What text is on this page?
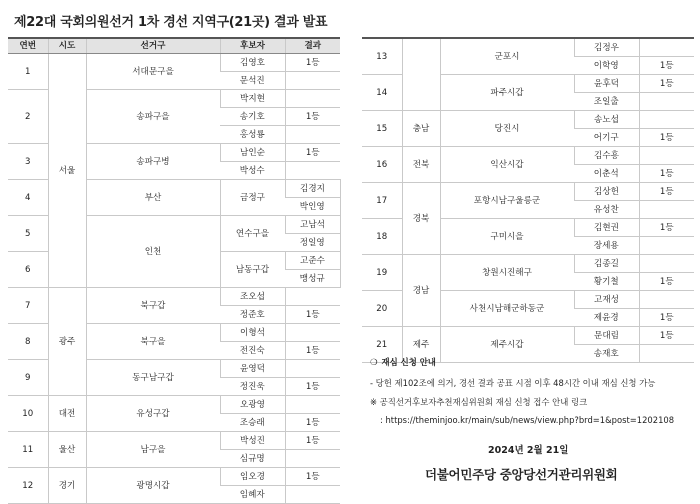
제22대 국회의원선거 1차 경선 지역구(21곳) 결과 발표
연번	시도	선거구	후보자	결과	
1	서울	서대문구을	김영호	1등	
			문석진		
2		송파구을	박지현		
			송기호	1등	
			홍성룡		
3		송파구병	남인순	1등	
			박성수		
4		부산	금정구	김경지	
				박인영	
5		인천	연수구을	고남석	
				정일영	
6			남동구갑	고준수	
				맹성규	
7	광주	북구갑	조오섭		
			정준호	1등	
8		북구을	이형석		
			전진숙	1등	
9		동구남구갑	윤영덕		
			정진욱	1등	
10	대전	유성구갑	오광영		
			조승래	1등	
11	울산	남구을	박성진	1등	
			심규명		
12	경기	광명시갑	임오경	1등	
			임혜자		
13		군포시	김정우	
			이학영	1등
14		파주시갑	윤후덕	1등
			조일출	
15	충남	당진시	송노섭	
			어기구	1등
16	전북	익산시갑	김수흥	
			이춘석	1등
17	경북	포항시남구울릉군	김상헌	1등
			유성찬	
18		구미시을	김현권	1등
			장세용	
19	경남	창원시진해구	김종길	
			황기철	1등
20		사천시남해군하동군	고재성	
			제윤경	1등
21	제주	제주시갑	문대림	1등
			송재호	
❍ 재심 신청 안내
- 당헌 제102조에 의거, 경선 결과 공표 시점 이후 48시간 이내 재심 신청 가능
※ 공직선거후보자추천재심위원회 재심 신청 접수 안내 링크
: https://theminjoo.kr/main/sub/news/view.php?brd=1&post=1202108
2024년 2월 21일
더불어민주당 중앙당선거관리위원회
